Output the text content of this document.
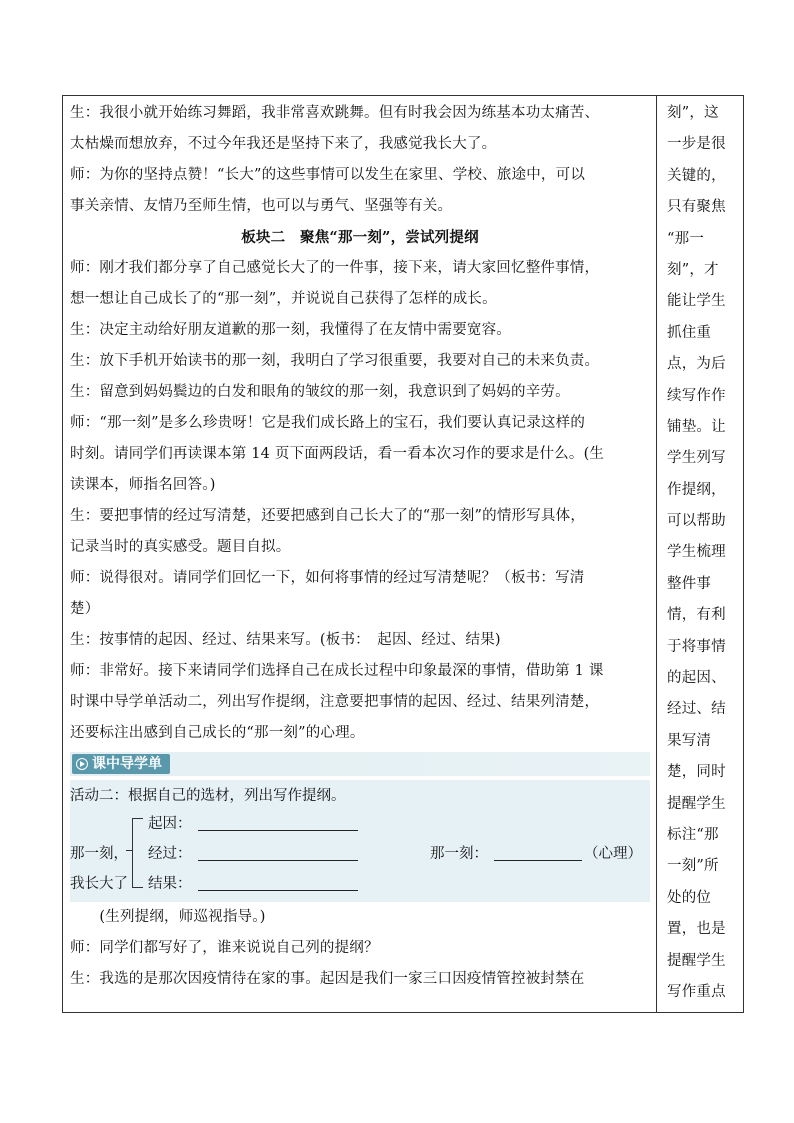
生：我很小就开始练习舞蹈，我非常喜欢跳舞。但有时我会因为练基本功太痛苦、
太枯燥而想放弃，不过今年我还是坚持下来了，我感觉我长大了。
师：为你的坚持点赞！“长大”的这些事情可以发生在家里、学校、旅途中，可以
事关亲情、友情乃至师生情，也可以与勇气、坚强等有关。
板块二　聚焦“那一刻”，尝试列提纲
师：刚才我们都分享了自己感觉长大了的一件事，接下来，请大家回忆整件事情，
想一想让自己成长了的“那一刻”，并说说自己获得了怎样的成长。
生：决定主动给好朋友道歉的那一刻，我懂得了在友情中需要宽容。
生：放下手机开始读书的那一刻，我明白了学习很重要，我要对自己的未来负责。
生：留意到妈妈鬓边的白发和眼角的皱纹的那一刻，我意识到了妈妈的辛劳。
师：“那一刻”是多么珍贵呀！它是我们成长路上的宝石，我们要认真记录这样的
时刻。请同学们再读课本第 14 页下面两段话，看一看本次习作的要求是什么。(生
读课本，师指名回答。)
生：要把事情的经过写清楚，还要把感到自己长大了的“那一刻”的情形写具体，
记录当时的真实感受。题目自拟。
师：说得很对。请同学们回忆一下，如何将事情的经过写清楚呢？（板书：写清
楚）
生：按事情的起因、经过、结果来写。(板书：　起因、经过、结果)
师：非常好。接下来请同学们选择自己在成长过程中印象最深的事情，借助第 1 课
时课中导学单活动二，列出写作提纲，注意要把事情的起因、经过、结果列清楚，
还要标注出感到自己成长的“那一刻”的心理。
课中导学单
活动二：根据自己的选材，列出写作提纲。
那一刻，
我长大了
起因：
经过：
结果：
那一刻：	（心理）
　　(生列提纲，师巡视指导。)
师：同学们都写好了，谁来说说自己列的提纲？
生：我选的是那次因疫情待在家的事。起因是我们一家三口因疫情管控被封禁在
刻”，这
一步是很
关键的，
只有聚焦
“那一
刻”，才
能让学生
抓住重
点，为后
续写作作
铺垫。让
学生列写
作提纲，
可以帮助
学生梳理
整件事
情，有利
于将事情
的起因、
经过、结
果写清
楚，同时
提醒学生
标注“那
一刻”所
处的位
置，也是
提醒学生
写作重点
